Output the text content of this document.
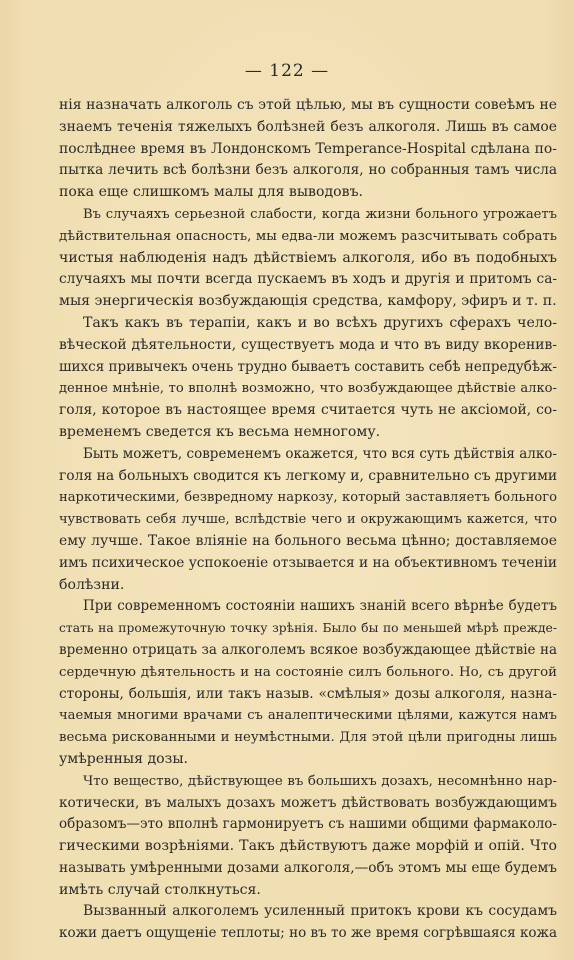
— 122 —
нія назначать алкоголь съ этой цѣлью, мы въ сущности совеѣмъ не
знаемъ теченія тяжелыхъ болѣзней безъ алкоголя. Лишь въ самое
послѣднее время въ Лондонскомъ Temperance-Hospital сдѣлана по-
пытка лечить всѣ болѣзни безъ алкоголя, но собранныя тамъ числа
пока еще слишкомъ малы для выводовъ.
Въ случаяхъ серьезной слабости, когда жизни больного угрожаетъ
дѣйствительная опасность, мы едва-ли можемъ разсчитывать собрать
чистыя наблюденія надъ дѣйствіемъ алкоголя, ибо въ подобныхъ
случаяхъ мы почти всегда пускаемъ въ ходъ и другія и притомъ са-
мыя энергическія возбуждающія средства, камфору, эфиръ и т. п.
Такъ какъ въ терапіи, какъ и во всѣхъ другихъ сферахъ чело-
вѣческой дѣятельности, существуетъ мода и что въ виду вкоренив-
шихся привычекъ очень трудно бываетъ составить себѣ непредубѣж-
денное мнѣніе, то вполнѣ возможно, что возбуждающее дѣйствіе алко-
голя, которое въ настоящее время считается чуть не аксіомой, со-
временемъ сведется къ весьма немногому.
Быть можетъ, современемъ окажется, что вся суть дѣйствія алко-
голя на больныхъ сводится къ легкому и, сравнительно съ другими
наркотическими, безвредному наркозу, который заставляетъ больного
чувствовать себя лучше, вслѣдствіе чего и окружающимъ кажется, что
ему лучше. Такое вліяніе на больного весьма цѣнно; доставляемое
имъ психическое успокоеніе отзывается и на объективномъ теченіи
болѣзни.
При современномъ состояніи нашихъ знаній всего вѣрнѣе будетъ
стать на промежуточную точку зрѣнія. Было бы по меньшей мѣрѣ прежде-
временно отрицать за алкоголемъ всякое возбуждающее дѣйствіе на
сердечную дѣятельность и на состояніе силъ больного. Но, съ другой
стороны, большія, или такъ назыв. «смѣлыя» дозы алкоголя, назна-
чаемыя многими врачами съ аналептическими цѣлями, кажутся намъ
весьма рискованными и неумѣстными. Для этой цѣли пригодны лишь
умѣренныя дозы.
Что вещество, дѣйствующее въ большихъ дозахъ, несомнѣнно нар-
котически, въ малыхъ дозахъ можетъ дѣйствовать возбуждающимъ
образомъ—это вполнѣ гармонируетъ съ нашими общими фармаколо-
гическими возрѣніями. Такъ дѣйствуютъ даже морфій и опій. Что
называть умѣренными дозами алкоголя,—объ этомъ мы еще будемъ
имѣть случай столкнуться.
Вызванный алкоголемъ усиленный притокъ крови къ сосудамъ
кожи даетъ ощущеніе теплоты; но въ то же время согрѣвшаяся кожа
